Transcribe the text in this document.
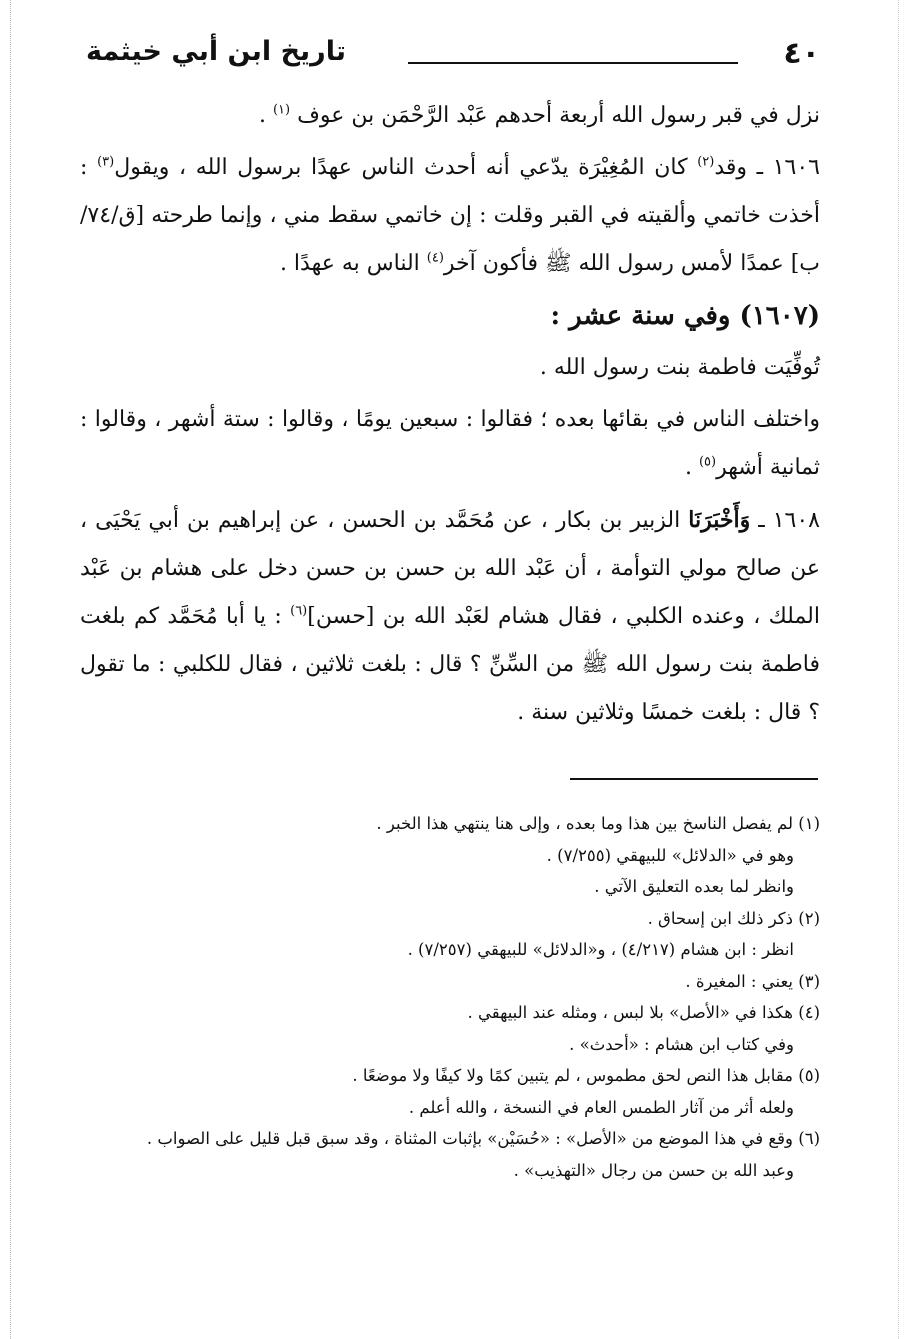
٤٠
تاريخ ابن أبي خيثمة

نزل في قبر رسول الله أربعة أحدهم عَبْد الرَّحْمَن بن عوف $^{(١)}$ .

١٦٠٦ ـ وقد$^{(٢)}$ كان المُغِيْرَة يدّعي أنه أحدث الناس عهدًا برسول الله ، ويقول$^{(٣)}$ : أخذت خاتمي وألقيته في القبر وقلت : إن خاتمي سقط مني ، وإنما طرحته [ق/٧٤/ب] عمدًا لأمس رسول الله ﷺ فأكون آخر$^{(٤)}$ الناس به عهدًا .

(١٦٠٧) وفي سنة عشر :

تُوفِّيَت فاطمة بنت رسول الله .

واختلف الناس في بقائها بعده ؛ فقالوا : سبعين يومًا ، وقالوا : ستة أشهر ، وقالوا : ثمانية أشهر$^{(٥)}$ .

١٦٠٨ ـ وَأَخْبَرَنَا الزبير بن بكار ، عن مُحَمَّد بن الحسن ، عن إبراهيم بن أبي يَحْيَى ، عن صالح مولي التوأمة ، أن عَبْد الله بن حسن بن حسن دخل على هشام بن عَبْد الملك ، وعنده الكلبي ، فقال هشام لعَبْد الله بن [حسن]$^{(٦)}$ : يا أبا مُحَمَّد كم بلغت فاطمة بنت رسول الله ﷺ من السِّنِّ ؟ قال : بلغت ثلاثين ، فقال للكلبي : ما تقول ؟ قال : بلغت خمسًا وثلاثين سنة .

(١) لم يفصل الناسخ بين هذا وما بعده ، وإلى هنا ينتهي هذا الخبر .

وهو في «الدلائل» للبيهقي (٧/٢٥٥) .

وانظر لما بعده التعليق الآتي .

(٢) ذكر ذلك ابن إسحاق .

انظر : ابن هشام (٤/٢١٧) ، و«الدلائل» للبيهقي (٧/٢٥٧) .

(٣) يعني : المغيرة .

(٤) هكذا في «الأصل» بلا لبس ، ومثله عند البيهقي .

وفي كتاب ابن هشام : «أحدث» .

(٥) مقابل هذا النص لحق مطموس ، لم يتبين كمًا ولا كيفًا ولا موضعًا .

ولعله أثر من آثار الطمس العام في النسخة ، والله أعلم .

(٦) وقع في هذا الموضع من «الأصل» : «حُسَيْن» بإثبات المثناة ، وقد سبق قبل قليل على الصواب .

وعبد الله بن حسن من رجال «التهذيب» .
